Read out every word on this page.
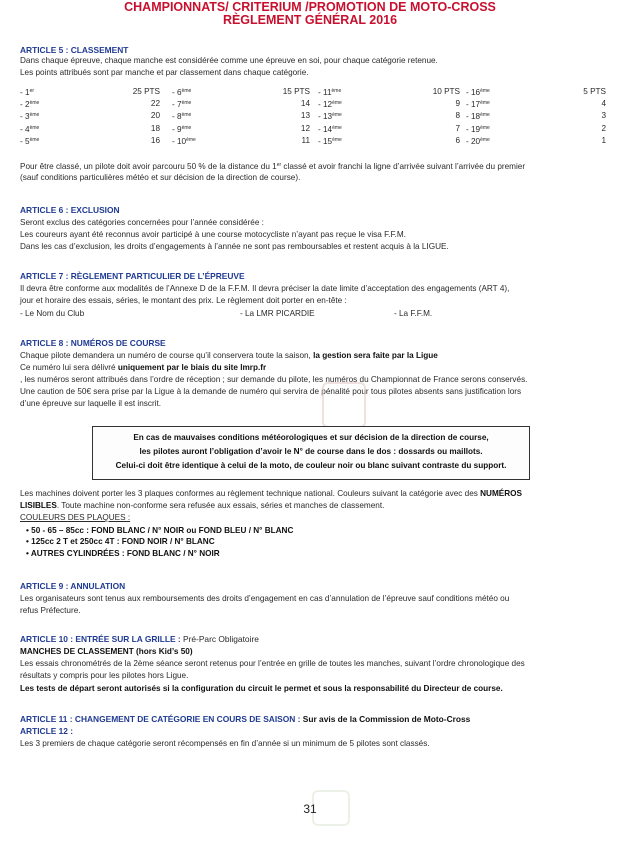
CHAMPIONNATS/ CRITERIUM /PROMOTION DE MOTO-CROSS
RÈGLEMENT GÉNÉRAL 2016
ARTICLE 5 : CLASSEMENT
Dans chaque épreuve, chaque manche est considérée comme une épreuve en soi, pour chaque catégorie retenue.
Les points attribués sont par manche et par classement dans chaque catégorie.
- 1er	25 PTS
- 2ème	22
- 3ème	20
- 4ème	18
- 5ème	16
- 6ème	15 PTS
- 7ème	14
- 8ème	13
- 9ème	12
- 10ème	11
- 11ème	10 PTS
- 12ème	9
- 13ème	8
- 14ème	7
- 15ème	6
- 16ème	5 PTS
- 17ème	4
- 18ème	3
- 19ème	2
- 20ème	1
Pour être classé, un pilote doit avoir parcouru 50 % de la distance du 1er classé et avoir franchi la ligne d’arrivée suivant l’arrivée du premier
(sauf conditions particulières météo et sur décision de la direction de course).
ARTICLE 6 : EXCLUSION
Seront exclus des catégories concernées pour l’année considérée :
Les coureurs ayant été reconnus avoir participé à une course motocycliste n’ayant pas reçue le visa F.F.M.
Dans les cas d’exclusion, les droits d’engagements à l’année ne sont pas remboursables et restent acquis à la LIGUE.
ARTICLE 7 : RÈGLEMENT PARTICULIER DE L’ÉPREUVE
Il devra être conforme aux modalités de l’Annexe D de la F.F.M. Il devra préciser la date limite d’acceptation des engagements (ART 4),
jour et horaire des essais, séries, le montant des prix. Le règlement doit porter en en-tête :
- Le Nom du Club	- La LMR PICARDIE	- La F.F.M.
ARTICLE 8 : NUMÉROS DE COURSE
Chaque pilote demandera un numéro de course qu’il conservera toute la saison, la gestion sera faite par la Ligue
Ce numéro lui sera délivré uniquement par le biais du site lmrp.fr
, les numéros seront attribués dans l’ordre de réception ; sur demande du pilote, les numéros du Championnat de France serons conservés.
Une caution de 50€ sera prise par la Ligue à la demande de numéro qui servira de pénalité pour tous pilotes absents sans justification lors
d’une épreuve sur laquelle il est inscrit.
En cas de mauvaises conditions météorologiques et sur décision de la direction de course,
les pilotes auront l’obligation d’avoir le N° de course dans le dos : dossards ou maillots.
Celui-ci doit être identique à celui de la moto, de couleur noir ou blanc suivant contraste du support.
Les machines doivent porter les 3 plaques conformes au règlement technique national. Couleurs suivant la catégorie avec des NUMÉROS
LISIBLES. Toute machine non-conforme sera refusée aux essais, séries et manches de classement.
COULEURS DES PLAQUES :
• 50 - 65 – 85cc : FOND BLANC / N° NOIR ou FOND BLEU / N° BLANC
• 125cc 2 T et 250cc 4T : FOND NOIR / N° BLANC
• AUTRES CYLINDRÉES : FOND BLANC / N° NOIR
ARTICLE 9 : ANNULATION
Les organisateurs sont tenus aux remboursements des droits d’engagement en cas d’annulation de l’épreuve sauf conditions météo ou
refus Préfecture.
ARTICLE 10 : ENTRÉE SUR LA GRILLE : Pré-Parc Obligatoire
MANCHES DE CLASSEMENT (hors Kid’s 50)
Les essais chronométrés de la 2ème séance seront retenus pour l’entrée en grille de toutes les manches, suivant l’ordre chronologique des
résultats y compris pour les pilotes hors Ligue.
Les tests de départ seront autorisés si la configuration du circuit le permet et sous la responsabilité du Directeur de course.
ARTICLE 11 : CHANGEMENT DE CATÉGORIE EN COURS DE SAISON : Sur avis de la Commission de Moto-Cross
ARTICLE 12 :
Les 3 premiers de chaque catégorie seront récompensés en fin d’année si un minimum de 5 pilotes sont classés.
31
